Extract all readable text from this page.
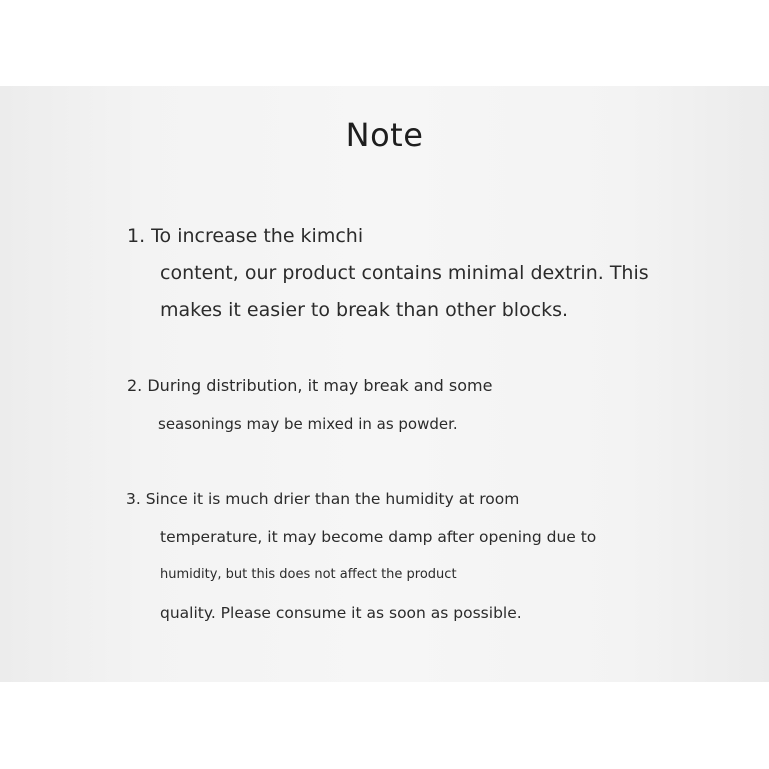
Note
1. To increase the kimchi
content, our product contains minimal dextrin. This
makes it easier to break than other blocks.
2. During distribution, it may break and some
seasonings may be mixed in as powder.
3. Since it is much drier than the humidity at room
temperature, it may become damp after opening due to
humidity, but this does not affect the product
quality. Please consume it as soon as possible.
